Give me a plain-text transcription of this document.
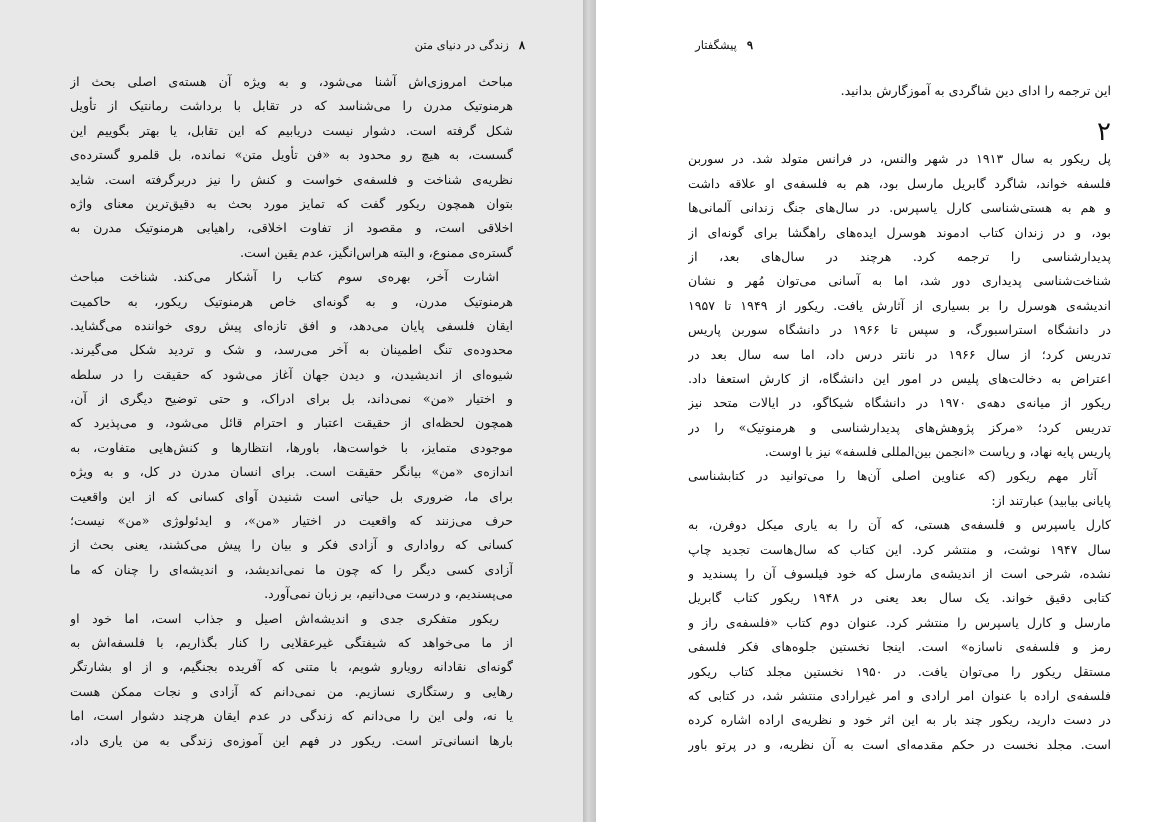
۸زندگی در دنیای متن
مباحث امروزی‌اش آشنا می‌شود، و به ویژه آن هسته‌ی اصلی بحث از
هرمنوتیک مدرن را می‌شناسد که در تقابل با برداشت رمانتیک از تأویل
شکل گرفته است. دشوار نیست دریابیم که این تقابل، یا بهتر بگوییم این
گسست، به هیچ رو محدود به «فن تأویل متن» نمانده، بل قلمرو گسترده‌ی
نظریه‌ی شناخت و فلسفه‌ی خواست و کنش را نیز دربرگرفته است. شاید
بتوان همچون ریکور گفت که تمایز مورد بحث به دقیق‌ترین معنای واژه
اخلاقی است، و مقصود از تفاوت اخلاقی، راهیابی هرمنوتیک مدرن به
گستره‌ی ممنوع، و البته هراس‌انگیز، عدم یقین است.
اشارت آخر، بهره‌ی سوم کتاب را آشکار می‌کند. شناخت مباحث
هرمنوتیک مدرن، و به گونه‌ای خاص هرمنوتیک ریکور، به حاکمیت
ایقان فلسفی پایان می‌دهد، و افق تازه‌ای پیش روی خواننده می‌گشاید.
محدوده‌ی تنگ اطمینان به آخر می‌رسد، و شک و تردید شکل می‌گیرند.
شیوه‌ای از اندیشیدن، و دیدن جهان آغاز می‌شود که حقیقت را در سلطه
و اختیار «من» نمی‌داند، بل برای ادراک، و حتی توضیح دیگری از آن،
همچون لحظه‌ای از حقیقت اعتبار و احترام قائل می‌شود، و می‌پذیرد که
موجودی متمایز، با خواست‌ها، باورها، انتظارها و کنش‌هایی متفاوت، به
اندازه‌ی «من» بیانگر حقیقت است. برای انسان مدرن در کل، و به ویژه
برای ما، ضروری بل حیاتی است شنیدن آوای کسانی که از این واقعیت
حرف می‌زنند که واقعیت در اختیار «من»، و ایدئولوژی «من» نیست؛
کسانی که رواداری و آزادی فکر و بیان را پیش می‌کشند، یعنی بحث از
آزادی کسی دیگر را که چون ما نمی‌اندیشد، و اندیشه‌ای را چنان که ما
می‌پسندیم، و درست می‌دانیم، بر زبان نمی‌آورد.
ریکور متفکری جدی و اندیشه‌اش اصیل و جذاب است، اما خود او
از ما می‌خواهد که شیفتگی غیرعقلایی را کنار بگذاریم، با فلسفه‌اش به
گونه‌ای نقادانه رویارو شویم، با متنی که آفریده بجنگیم، و از او بشارتگر
رهایی و رستگاری نسازیم. من نمی‌دانم که آزادی و نجات ممکن هست
یا نه، ولی این را می‌دانم که زندگی در عدم ایقان هرچند دشوار است، اما
بارها انسانی‌تر است. ریکور در فهم این آموزه‌ی زندگی به من یاری داد،
۹پیشگفتار
این ترجمه را ادای دین شاگردی به آموزگارش بدانید.
۲
پل ریکور به سال ۱۹۱۳ در شهر والنس، در فرانس متولد شد. در سوربن
فلسفه خواند، شاگرد گابریل مارسل بود، هم به فلسفه‌ی او علاقه داشت
و هم به هستی‌شناسی کارل یاسپرس. در سال‌های جنگ زندانی آلمانی‌ها
بود، و در زندان کتاب ادموند هوسرل ایده‌های راهگشا برای گونه‌ای از
پدیدارشناسی را ترجمه کرد. هرچند در سال‌های بعد، از
شناخت‌شناسی پدیداری دور شد، اما به آسانی می‌توان مُهر و نشان
اندیشه‌ی هوسرل را بر بسیاری از آثارش یافت. ریکور از ۱۹۴۹ تا ۱۹۵۷
در دانشگاه استراسبورگ، و سپس تا ۱۹۶۶ در دانشگاه سوربن پاریس
تدریس کرد؛ از سال ۱۹۶۶ در نانتر درس داد، اما سه سال بعد در
اعتراض به دخالت‌های پلیس در امور این دانشگاه، از کارش استعفا داد.
ریکور از میانه‌ی دهه‌ی ۱۹۷۰ در دانشگاه شیکاگو، در ایالات متحد نیز
تدریس کرد؛ «مرکز پژوهش‌های پدیدارشناسی و هرمنوتیک» را در
پاریس پایه نهاد، و ریاست «انجمن بین‌المللی فلسفه» نیز با اوست.
آثار مهم ریکور (که عناوین اصلی آن‌ها را می‌توانید در کتابشناسی
پایانی بیابید) عبارتند از:
کارل یاسپرس و فلسفه‌ی هستی، که آن را به یاری میکل دوفرن، به
سال ۱۹۴۷ نوشت، و منتشر کرد. این کتاب که سال‌هاست تجدید چاپ
نشده، شرحی است از اندیشه‌ی مارسل که خود فیلسوف آن را پسندید و
کتابی دقیق خواند. یک سال بعد یعنی در ۱۹۴۸ ریکور کتاب گابریل
مارسل و کارل یاسپرس را منتشر کرد. عنوان دوم کتاب «فلسفه‌ی راز و
رمز و فلسفه‌ی ناسازه» است. اینجا نخستین جلوه‌های فکر فلسفی
مستقل ریکور را می‌توان یافت. در ۱۹۵۰ نخستین مجلد کتاب ریکور
فلسفه‌ی اراده با عنوان امر ارادی و امر غیرارادی منتشر شد، در کتابی که
در دست دارید، ریکور چند بار به این اثر خود و نظریه‌ی اراده اشاره کرده
است. مجلد نخست در حکم مقدمه‌ای است به آن نظریه، و در پرتو باور
